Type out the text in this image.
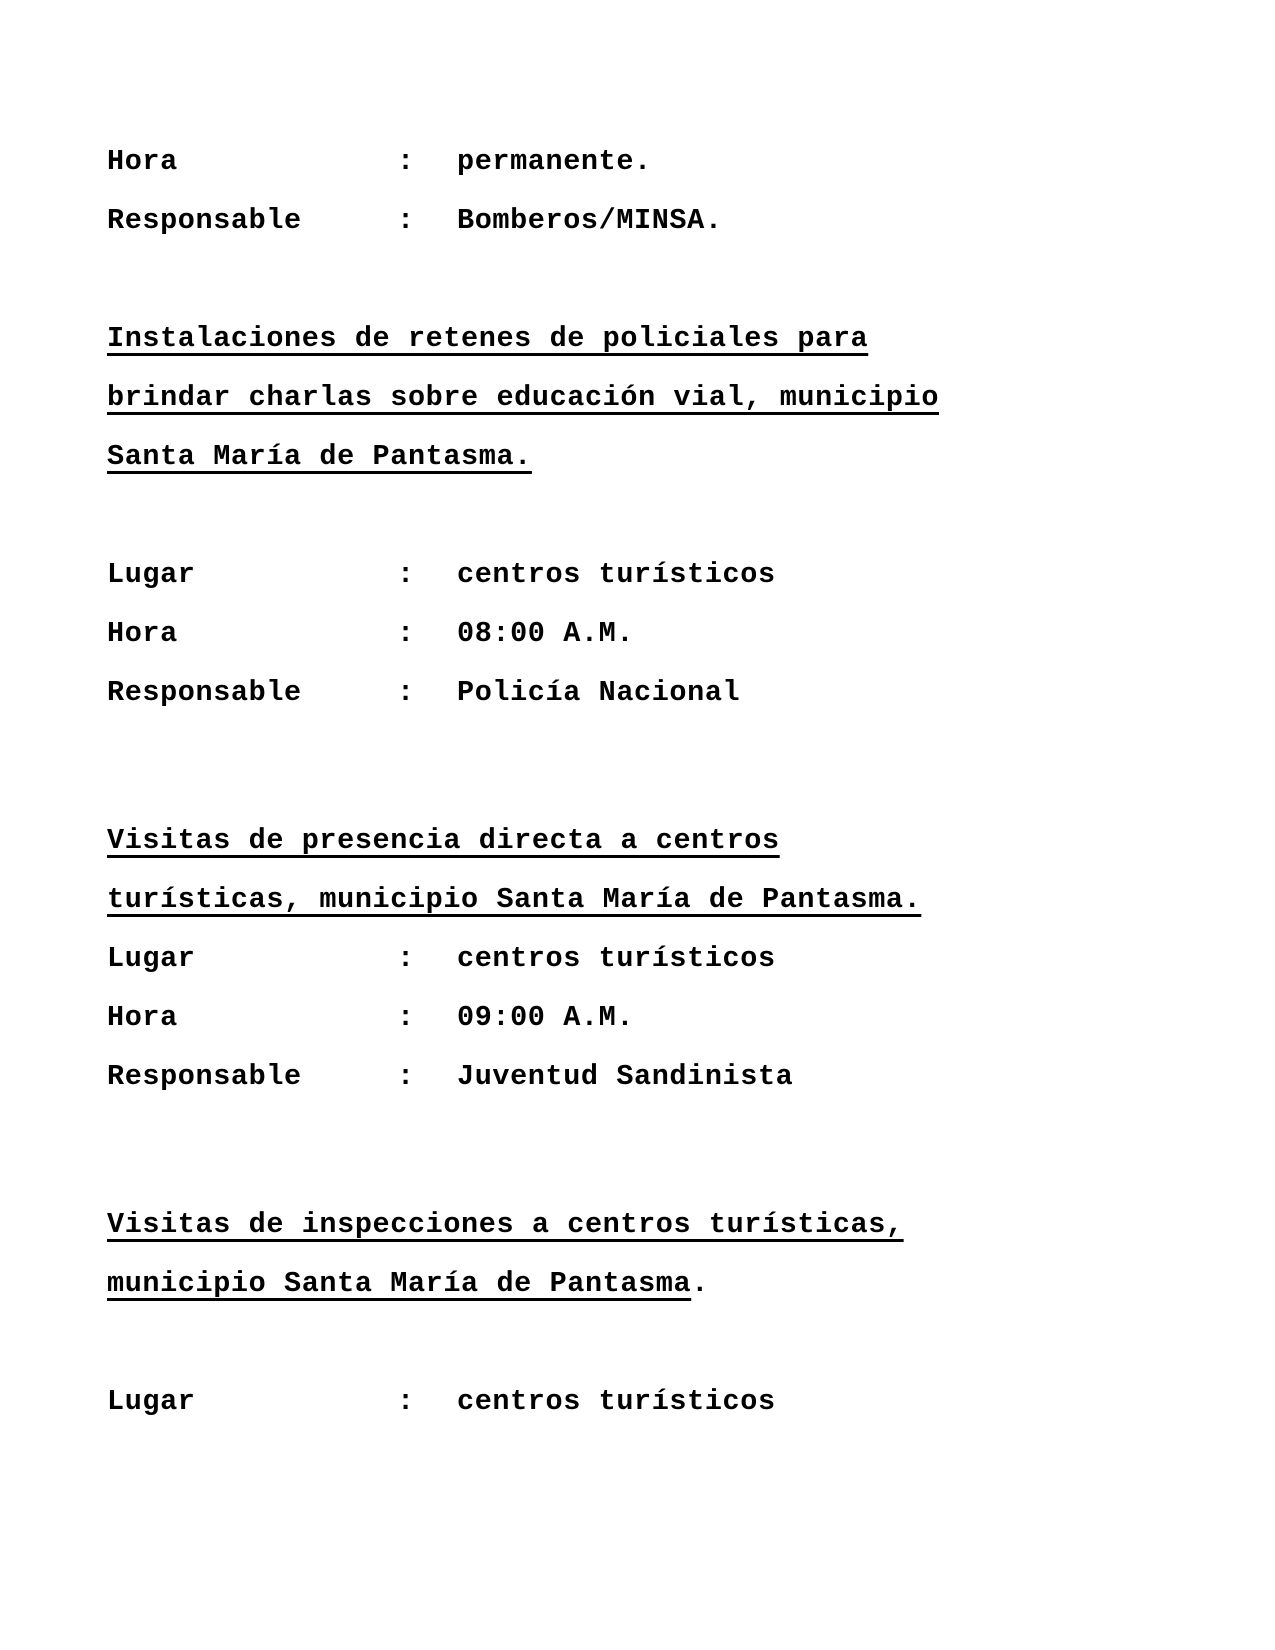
Hora	:	permanente.
Responsable	:	Bomberos/MINSA.
Instalaciones de retenes de policiales para
brindar charlas sobre educación vial, municipio
Santa María de Pantasma.
Lugar	:	centros turísticos
Hora	:	08:00 A.M.
Responsable	:	Policía Nacional
Visitas de presencia directa a centros
turísticas, municipio Santa María de Pantasma.
Lugar	:	centros turísticos
Hora	:	09:00 A.M.
Responsable	:	Juventud Sandinista
Visitas de inspecciones a centros turísticas,
municipio Santa María de Pantasma.
Lugar	:	centros turísticos
